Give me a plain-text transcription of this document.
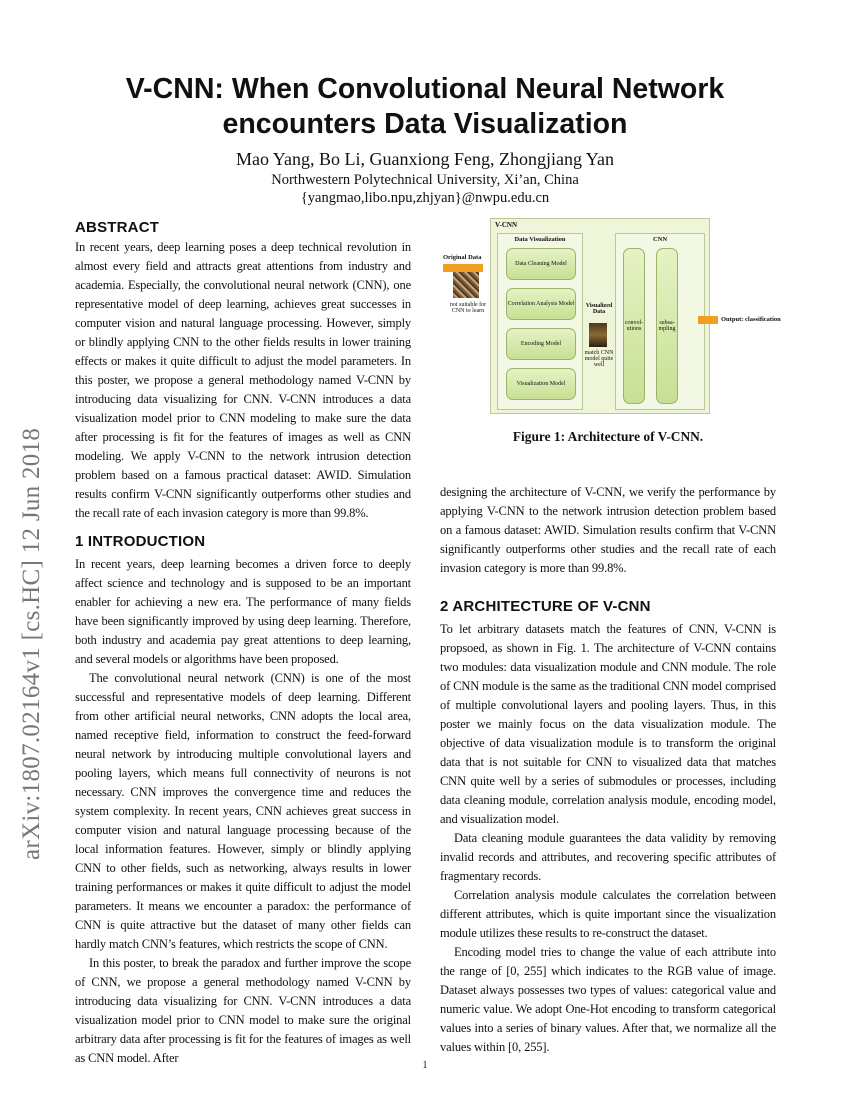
arXiv:1807.02164v1 [cs.HC] 12 Jun 2018
V-CNN: When Convolutional Neural Network
encounters Data Visualization
Mao Yang, Bo Li, Guanxiong Feng, Zhongjiang Yan
Northwestern Polytechnical University, Xi’an, China
{yangmao,libo.npu,zhjyan}@nwpu.edu.cn
ABSTRACT

In recent years, deep learning poses a deep technical revolution in almost every field and attracts great attentions from industry and academia. Especially, the convolutional neural network (CNN), one representative model of deep learning, achieves great successes in computer vision and natural language processing. However, simply or blindly applying CNN to the other fields results in lower training effects or makes it quite difficult to adjust the model parameters. In this poster, we propose a general methodology named V-CNN by introducing data visualizing for CNN. V-CNN introduces a data visualization model prior to CNN modeling to make sure the data after processing is fit for the features of images as well as CNN modeling. We apply V-CNN to the network intrusion detection problem based on a famous practical dataset: AWID. Simulation results confirm V-CNN significantly outperforms other studies and the recall rate of each invasion category is more than 99.8%.

1 INTRODUCTION

In recent years, deep learning becomes a driven force to deeply affect science and technology and is supposed to be an important enabler for achieving a new era. The performance of many fields have been significantly improved by using deep learning. Therefore, both industry and academia pay great attentions to deep learning, and several models or algorithms have been proposed.

The convolutional neural network (CNN) is one of the most successful and representative models of deep learning. Different from other artificial neural networks, CNN adopts the local area, named receptive field, information to construct the feed-forward neural network by introducing multiple convolutional layers and pooling layers, which means full connectivity of neurons is not necessary. CNN improves the convergence time and reduces the system complexity. In recent years, CNN achieves great success in computer vision and natural language processing because of the local information features. However, simply or blindly applying CNN to other fields, such as networking, always results in lower training performances or makes it quite difficult to adjust the model parameters. It means we encounter a paradox: the performance of CNN is quite attractive but the dataset of many other fields can hardly match CNN’s features, which restricts the scope of CNN.

In this poster, to break the paradox and further improve the scope of CNN, we propose a general methodology named V-CNN by introducing data visualizing for CNN. V-CNN introduces a data visualization model prior to CNN model to make sure the original arbitrary data after processing is fit for the features of images as well as CNN model. After

Original Data
not suitable for CNN to learn
V-CNN
Data Visualization
Data Cleaning Model
Correlation Analysis Model
Encoding Model
Visualization Model
Visualized Data
match CNN model quite well
CNN
convol-utions
subsa-mpling
Output: classification
Figure 1: Architecture of V-CNN.

designing the architecture of V-CNN, we verify the performance by applying V-CNN to the network intrusion detection problem based on a famous dataset: AWID. Simulation results confirm that V-CNN significantly outperforms other studies and the recall rate of each invasion category is more than 99.8%.

2 ARCHITECTURE OF V-CNN

To let arbitrary datasets match the features of CNN, V-CNN is propsoed, as shown in Fig. 1. The architecture of V-CNN contains two modules: data visualization module and CNN module. The role of CNN module is the same as the traditional CNN model comprised of multiple convolutional layers and pooling layers. Thus, in this poster we mainly focus on the data visualization module. The objective of data visualization module is to transform the original data that is not suitable for CNN to visualized data that matches CNN quite well by a series of submodules or processes, including data cleaning module, correlation analysis module, encoding model, and visualization model.

Data cleaning module guarantees the data validity by removing invalid records and attributes, and recovering specific attributes of fragmentary records.

Correlation analysis module calculates the correlation between different attributes, which is quite important since the visualization module utilizes these results to re-construct the dataset.

Encoding model tries to change the value of each attribute into the range of [0, 255] which indicates to the RGB value of image. Dataset always possesses two types of values: categorical value and numeric value. We adopt One-Hot encoding to transform categorical values into a series of binary values. After that, we normalize all the values within [0, 255].

1
